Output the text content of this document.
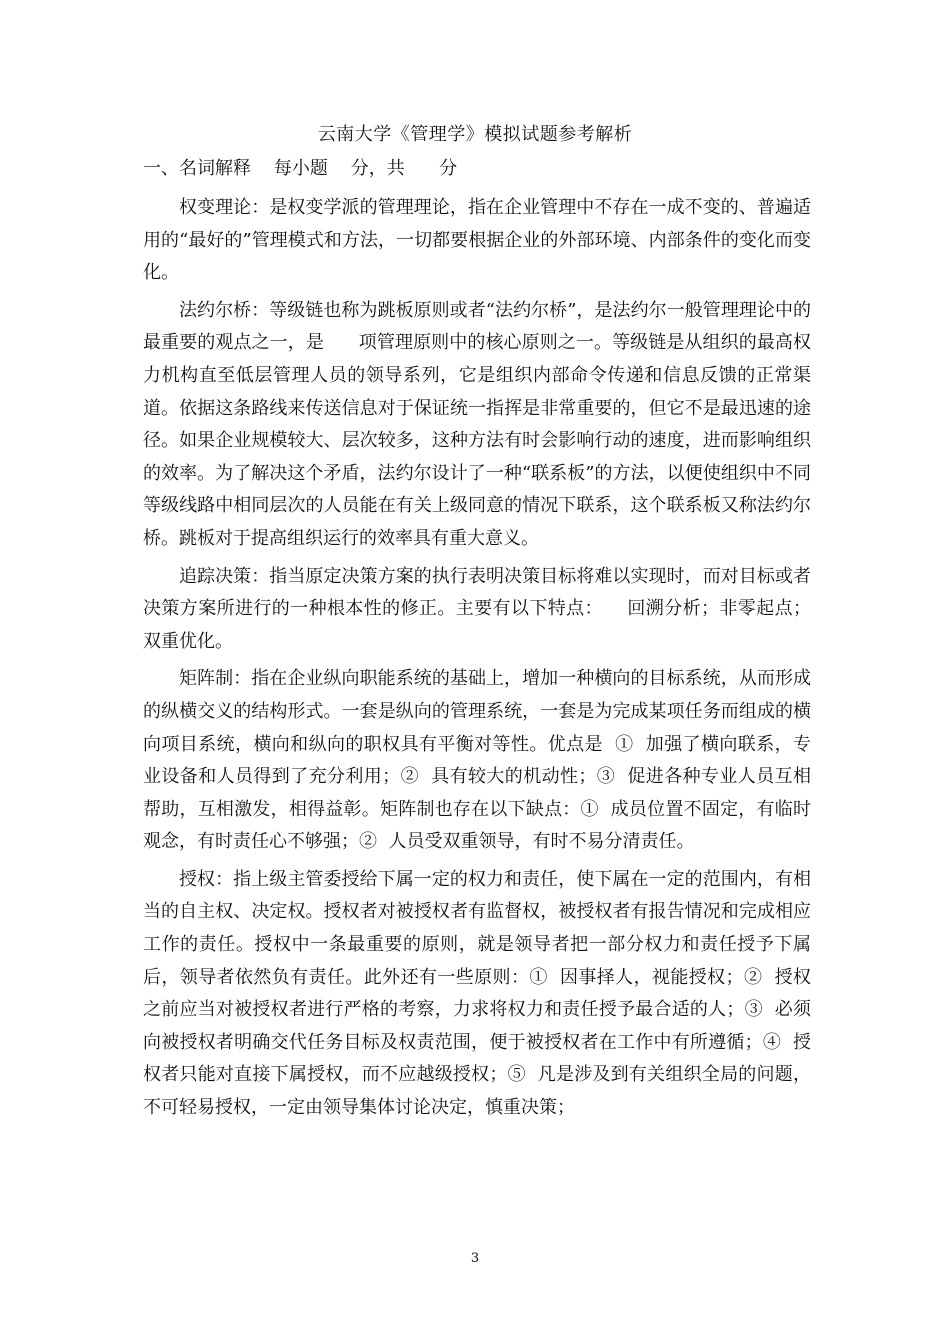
云南大学《管理学》模拟试题参考解析
一、名词解释    每小题    分，共      分

权变理论：是权变学派的管理理论，指在企业管理中不存在一成不变的、普遍适用的“最好的”管理模式和方法，一切都要根据企业的外部环境、内部条件的变化而变化。

法约尔桥：等级链也称为跳板原则或者“法约尔桥”，是法约尔一般管理理论中的最重要的观点之一，是      项管理原则中的核心原则之一。等级链是从组织的最高权力机构直至低层管理人员的领导系列，它是组织内部命令传递和信息反馈的正常渠道。依据这条路线来传送信息对于保证统一指挥是非常重要的，但它不是最迅速的途径。如果企业规模较大、层次较多，这种方法有时会影响行动的速度，进而影响组织的效率。为了解决这个矛盾，法约尔设计了一种“联系板”的方法，以便使组织中不同等级线路中相同层次的人员能在有关上级同意的情况下联系，这个联系板又称法约尔桥。跳板对于提高组织运行的效率具有重大意义。

追踪决策：指当原定决策方案的执行表明决策目标将难以实现时，而对目标或者决策方案所进行的一种根本性的修正。主要有以下特点：    回溯分析；非零起点；    双重优化。

矩阵制：指在企业纵向职能系统的基础上，增加一种横向的目标系统，从而形成的纵横交义的结构形式。一套是纵向的管理系统，一套是为完成某项任务而组成的横向项目系统，横向和纵向的职权具有平衡对等性。优点是  ①  加强了横向联系，专业设备和人员得到了充分利用；②  具有较大的机动性；③  促进各种专业人员互相帮助，互相激发，相得益彰。矩阵制也存在以下缺点：①  成员位置不固定，有临时观念，有时责任心不够强；②  人员受双重领导，有时不易分清责任。

授权：指上级主管委授给下属一定的权力和责任，使下属在一定的范围内，有相当的自主权、决定权。授权者对被授权者有监督权，被授权者有报告情况和完成相应工作的责任。授权中一条最重要的原则，就是领导者把一部分权力和责任授予下属后，领导者依然负有责任。此外还有一些原则：①  因事择人，视能授权；②  授权之前应当对被授权者进行严格的考察，力求将权力和责任授予最合适的人；③  必须向被授权者明确交代任务目标及权责范围，便于被授权者在工作中有所遵循；④  授权者只能对直接下属授权，而不应越级授权；⑤  凡是涉及到有关组织全局的问题，不可轻易授权，一定由领导集体讨论决定，慎重决策；

3
